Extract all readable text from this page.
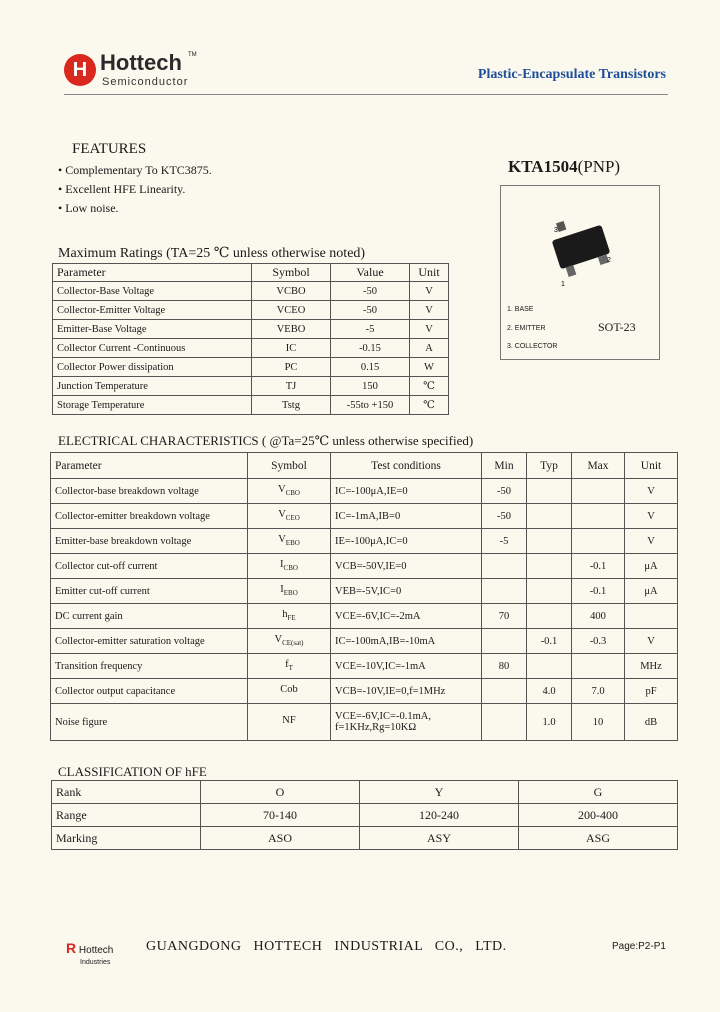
H Hottech TM
Semiconductor	Plastic-Encapsulate Transistors
FEATURES
• Complementary To KTC3875.
• Excellent HFE Linearity.
• Low noise.
KTA1504(PNP)
3
1
2
1. BASE
2. EMITTER
3. COLLECTOR
SOT-23
Maximum Ratings (TA=25 ℃ unless otherwise noted)
Parameter	Symbol	Value	Unit
Collector-Base Voltage	VCBO	-50	V
Collector-Emitter Voltage	VCEO	-50	V
Emitter-Base Voltage	VEBO	-5	V
Collector Current -Continuous	IC	-0.15	A
Collector Power dissipation	PC	0.15	W
Junction Temperature	TJ	150	℃
Storage Temperature	Tstg	-55to +150	℃
ELECTRICAL CHARACTERISTICS ( @Ta=25℃ unless otherwise specified)
Parameter	Symbol	Test conditions	Min	Typ	Max	Unit
Collector-base breakdown voltage	$V_{CBO}$	IC=-100μA,IE=0	-50			V
Collector-emitter breakdown voltage	$V_{CEO}$	IC=-1mA,IB=0	-50			V
Emitter-base breakdown voltage	$V_{EBO}$	IE=-100μA,IC=0	-5			V
Collector cut-off current	$I_{CBO}$	VCB=-50V,IE=0			-0.1	μA
Emitter cut-off current	$I_{EBO}$	VEB=-5V,IC=0			-0.1	μA
DC current gain	$h_{FE}$	VCE=-6V,IC=-2mA	70		400	
Collector-emitter saturation voltage	$V_{CE(sat)}$	IC=-100mA,IB=-10mA		-0.1	-0.3	V
Transition frequency	$f_T$	VCE=-10V,IC=-1mA	80			MHz
Collector output capacitance	Cob	VCB=-10V,IE=0,f=1MHz		4.0	7.0	pF
Noise figure	NF	VCE=-6V,IC=-0.1mA,
f=1KHz,Rg=10KΩ		1.0	10	dB
CLASSIFICATION OF hFE
Rank	O	Y	G
Range	70-140	120-240	200-400
Marking	ASO	ASY	ASG
R Hottech
Industries
GUANGDONG HOTTECH INDUSTRIAL CO., LTD.	Page:P2-P1
